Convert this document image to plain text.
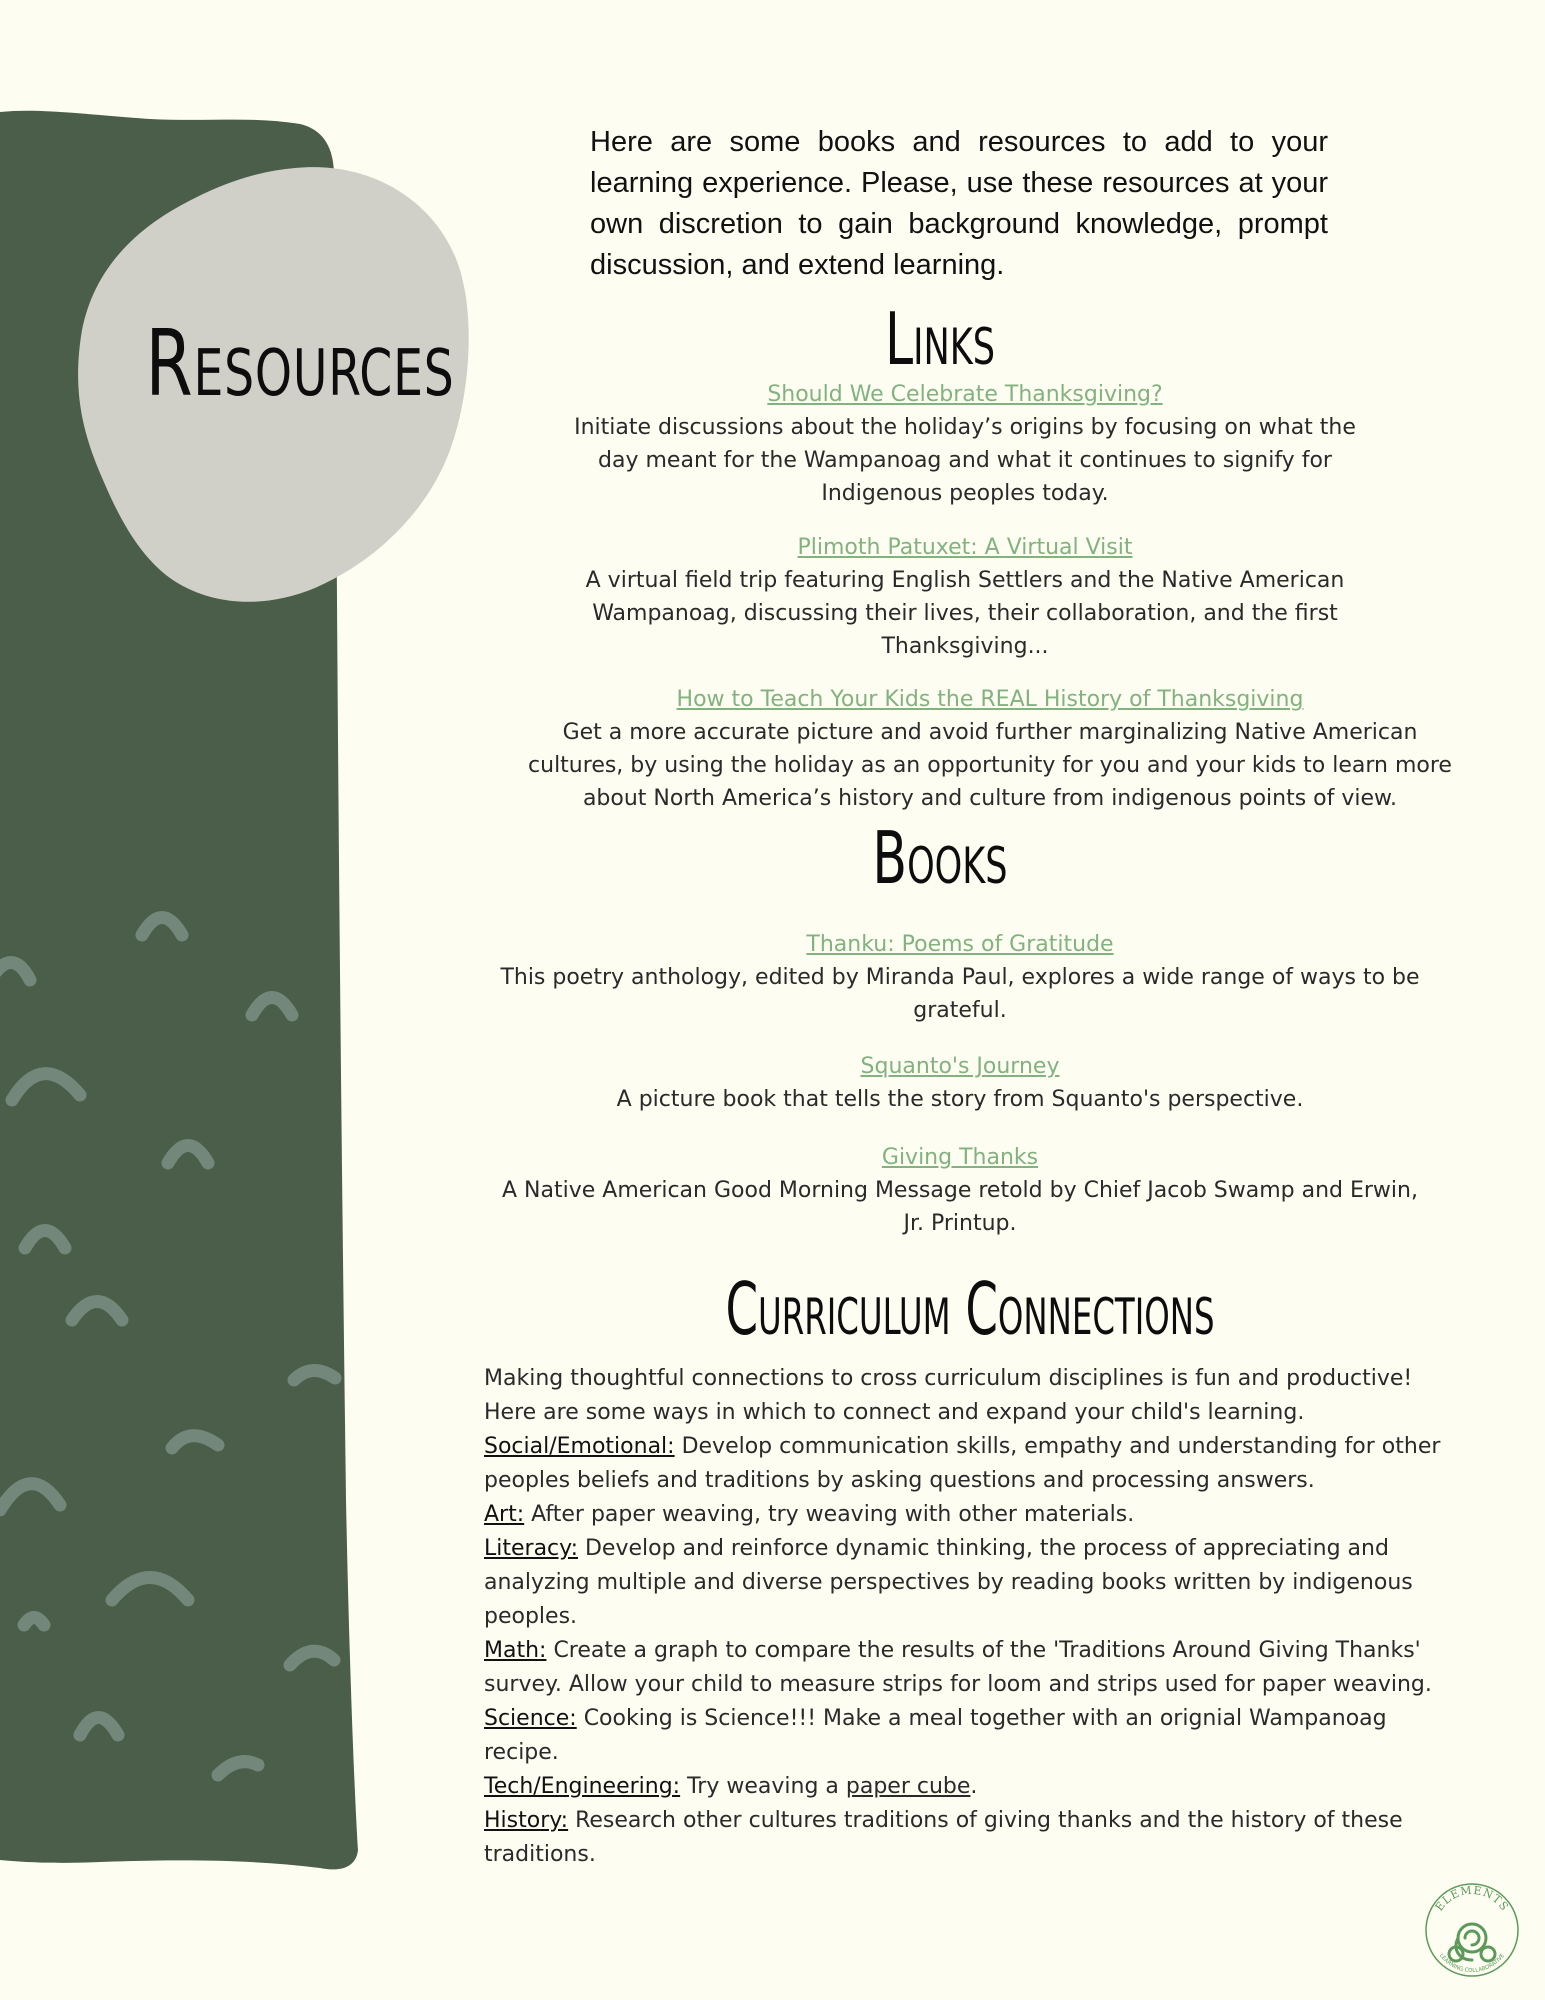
Resources
Here are some books and resources to add to your learning experience. Please, use these resources at your own discretion to gain background knowledge, prompt discussion, and extend learning.
Links
Should We Celebrate Thanksgiving?
Initiate discussions about the holiday’s origins by focusing on what the day meant for the Wampanoag and what it continues to signify for Indigenous peoples today.
Plimoth Patuxet: A Virtual Visit
A virtual field trip featuring English Settlers and the Native American Wampanoag, discussing their lives, their collaboration, and the first Thanksgiving...
How to Teach Your Kids the REAL History of Thanksgiving
Get a more accurate picture and avoid further marginalizing Native American cultures, by using the holiday as an opportunity for you and your kids to learn more about North America’s history and culture from indigenous points of view.
Books
Thanku: Poems of Gratitude
This poetry anthology, edited by Miranda Paul, explores a wide range of ways to be grateful.
Squanto's Journey
A picture book that tells the story from Squanto's perspective.
Giving Thanks
A Native American Good Morning Message retold by Chief Jacob Swamp and Erwin, Jr. Printup.
Curriculum Connections

Making thoughtful connections to cross curriculum disciplines is fun and productive! Here are some ways in which to connect and expand your child's learning.

Social/Emotional: Develop communication skills, empathy and understanding for other peoples beliefs and traditions by asking questions and processing answers.

Art: After paper weaving, try weaving with other materials.

Literacy: Develop and reinforce dynamic thinking, the process of appreciating and analyzing multiple and diverse perspectives by reading books written by indigenous peoples.

Math: Create a graph to compare the results of the 'Traditions Around Giving Thanks' survey. Allow your child to measure strips for loom and strips used for paper weaving.

Science: Cooking is Science!!! Make a meal together with an orignial Wampanoag recipe.

Tech/Engineering: Try weaving a paper cube.

History: Research other cultures traditions of giving thanks and the history of these traditions.

ELEMENTS
LEARNING COLLABORATIVE
